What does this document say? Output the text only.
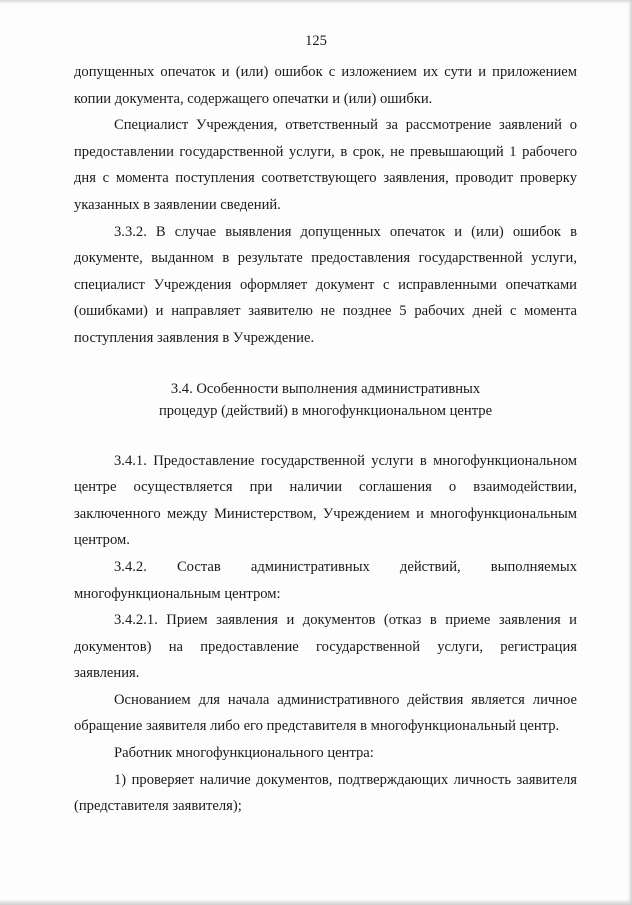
125

допущенных опечаток и (или) ошибок с изложением их сути и приложением копии документа, содержащего опечатки и (или) ошибки.

Специалист Учреждения, ответственный за рассмотрение заявлений о предоставлении государственной услуги, в срок, не превышающий 1 рабочего дня с момента поступления соответствующего заявления, проводит проверку указанных в заявлении сведений.

3.3.2. В случае выявления допущенных опечаток и (или) ошибок в документе, выданном в результате предоставления государственной услуги, специалист Учреждения оформляет документ с исправленными опечатками (ошибками) и направляет заявителю не позднее 5 рабочих дней с момента поступления заявления в Учреждение.

3.4. Особенности выполнения административных
процедур (действий) в многофункциональном центре

3.4.1. Предоставление государственной услуги в многофункциональном центре осуществляется при наличии соглашения о взаимодействии, заключенного между Министерством, Учреждением и многофункциональным центром.

3.4.2. Состав административных действий, выполняемых многофункциональным центром:

3.4.2.1. Прием заявления и документов (отказ в приеме заявления и документов) на предоставление государственной услуги, регистрация заявления.

Основанием для начала административного действия является личное обращение заявителя либо его представителя в многофункциональный центр.

Работник многофункционального центра:

1) проверяет наличие документов, подтверждающих личность заявителя (представителя заявителя);
